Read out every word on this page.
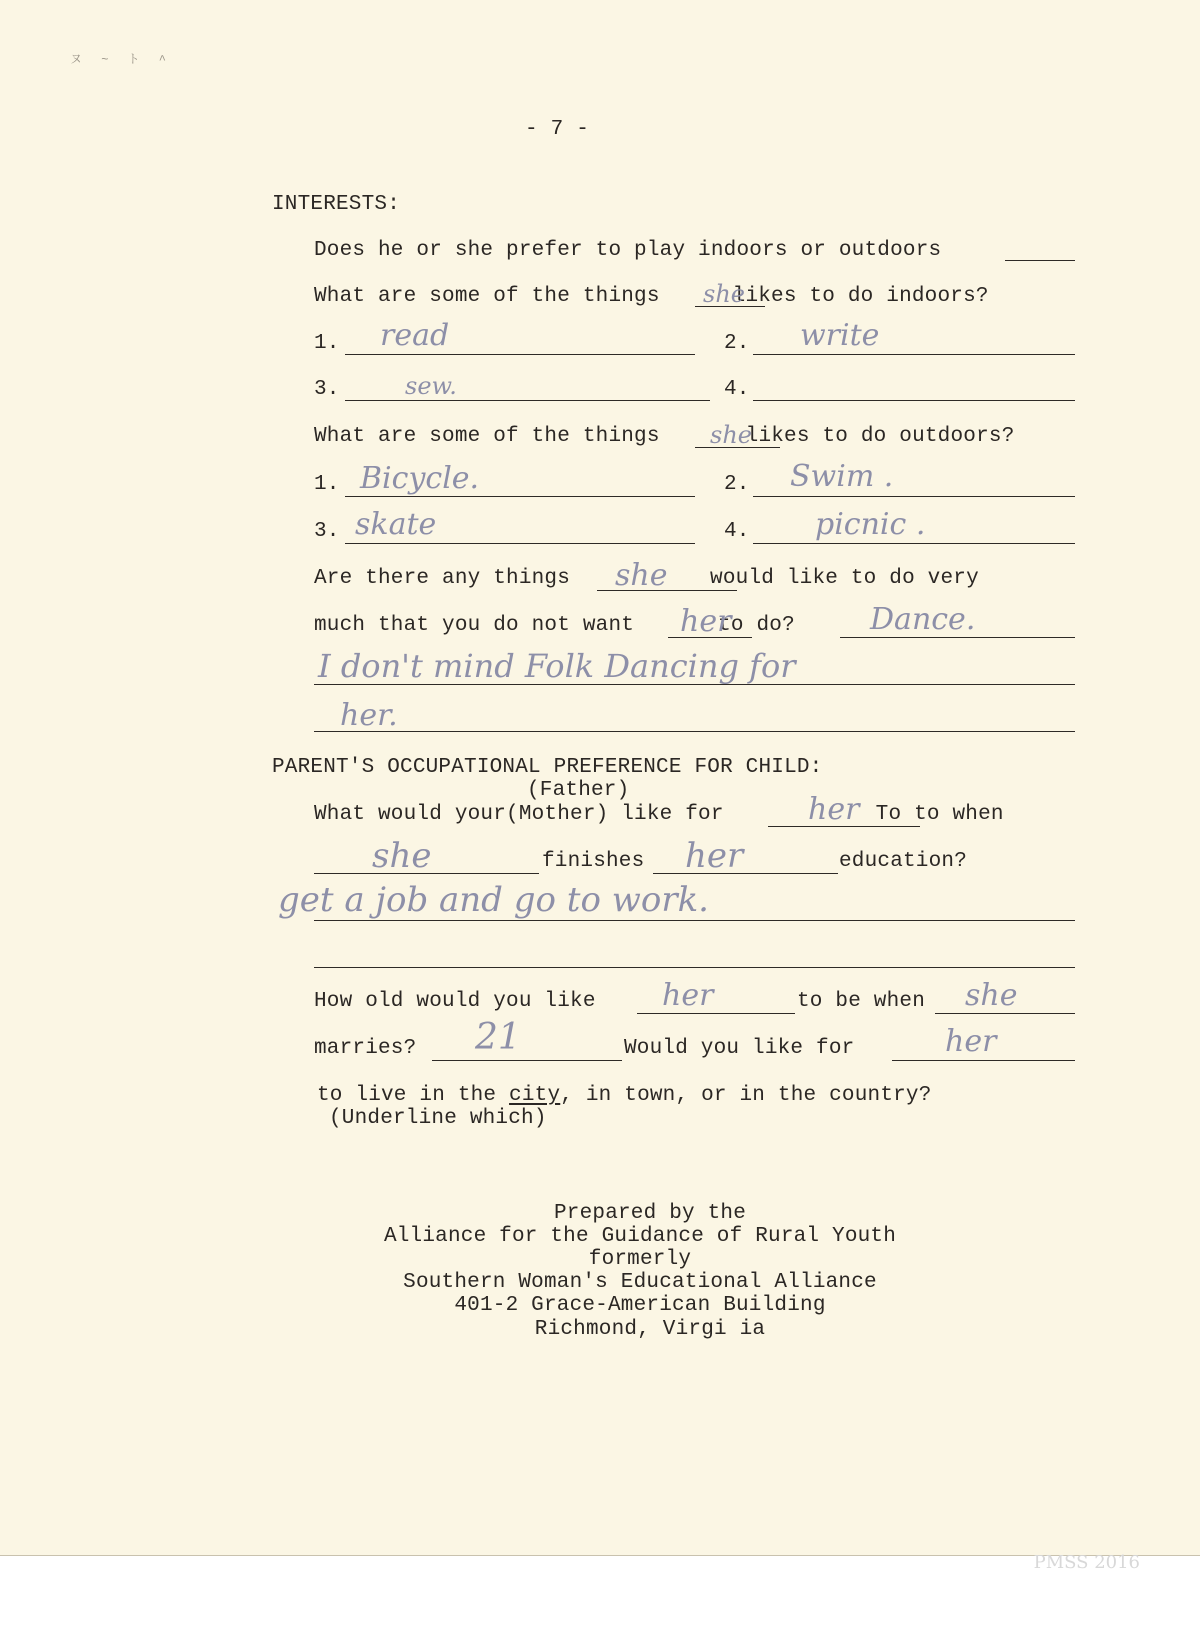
ヌ ~ ト ^
- 7 -
INTERESTS:
Does he or she prefer to play indoors or outdoors
What are some of the things	likes to do indoors?
she
1. read	2. write
3.	sew.	4.
What are some of the things	likes to do outdoors?
she
1. Bicycle.	2. Swim .
3. skate	4. picnic .
Are there any things	would like to do very
she
much that you do not want	to do?
her	Dance.
I don't mind Folk Dancing for
her.
PARENT'S OCCUPATIONAL PREFERENCE FOR CHILD:
(Father)
What would your(Mother) like for	To to when
her
she	finishes her	education?
get a job and go to work.
How old would you like her	to be when she
marries? 21	Would you like for	her
to live in the city, in town, or in the country?
(Underline which)
Prepared by the
Alliance for the Guidance of Rural Youth
formerly
Southern Woman's Educational Alliance
401-2 Grace-American Building
Richmond, Virgi ia
PMSS 2016
